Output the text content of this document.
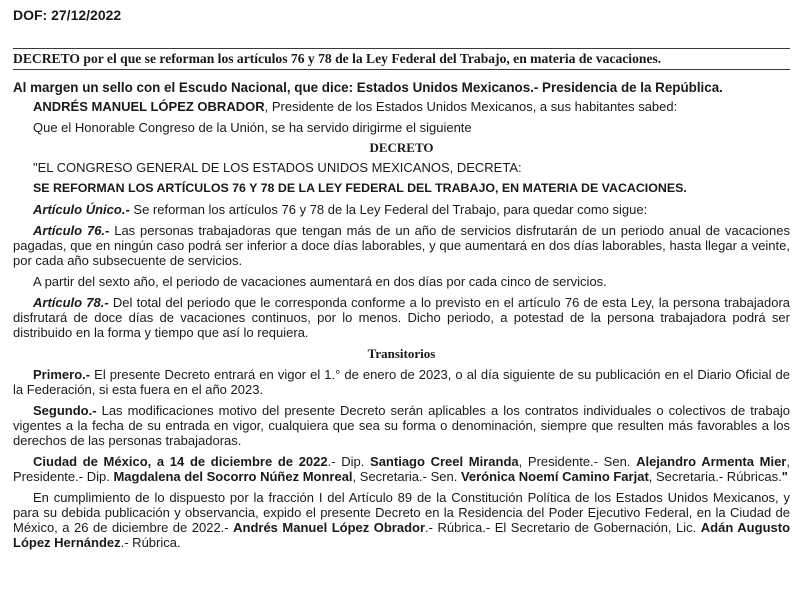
DOF: 27/12/2022
DECRETO por el que se reforman los artículos 76 y 78 de la Ley Federal del Trabajo, en materia de vacaciones.

Al margen un sello con el Escudo Nacional, que dice: Estados Unidos Mexicanos.- Presidencia de la República.

ANDRÉS MANUEL LÓPEZ OBRADOR, Presidente de los Estados Unidos Mexicanos, a sus habitantes sabed:

Que el Honorable Congreso de la Unión, se ha servido dirigirme el siguiente

DECRETO

"EL CONGRESO GENERAL DE LOS ESTADOS UNIDOS MEXICANOS, DECRETA:

SE REFORMAN LOS ARTÍCULOS 76 Y 78 DE LA LEY FEDERAL DEL TRABAJO, EN MATERIA DE VACACIONES.

Artículo Único.- Se reforman los artículos 76 y 78 de la Ley Federal del Trabajo, para quedar como sigue:

Artículo 76.- Las personas trabajadoras que tengan más de un año de servicios disfrutarán de un periodo anual de vacaciones pagadas, que en ningún caso podrá ser inferior a doce días laborables, y que aumentará en dos días laborables, hasta llegar a veinte, por cada año subsecuente de servicios.

A partir del sexto año, el periodo de vacaciones aumentará en dos días por cada cinco de servicios.

Artículo 78.- Del total del periodo que le corresponda conforme a lo previsto en el artículo 76 de esta Ley, la persona trabajadora disfrutará de doce días de vacaciones continuos, por lo menos. Dicho periodo, a potestad de la persona trabajadora podrá ser distribuido en la forma y tiempo que así lo requiera.

Transitorios

Primero.- El presente Decreto entrará en vigor el 1.° de enero de 2023, o al día siguiente de su publicación en el Diario Oficial de la Federación, si esta fuera en el año 2023.

Segundo.- Las modificaciones motivo del presente Decreto serán aplicables a los contratos individuales o colectivos de trabajo vigentes a la fecha de su entrada en vigor, cualquiera que sea su forma o denominación, siempre que resulten más favorables a los derechos de las personas trabajadoras.

Ciudad de México, a 14 de diciembre de 2022.- Dip. Santiago Creel Miranda, Presidente.- Sen. Alejandro Armenta Mier, Presidente.- Dip. Magdalena del Socorro Núñez Monreal, Secretaria.- Sen. Verónica Noemí Camino Farjat, Secretaria.- Rúbricas."

En cumplimiento de lo dispuesto por la fracción I del Artículo 89 de la Constitución Política de los Estados Unidos Mexicanos, y para su debida publicación y observancia, expido el presente Decreto en la Residencia del Poder Ejecutivo Federal, en la Ciudad de México, a 26 de diciembre de 2022.- Andrés Manuel López Obrador.- Rúbrica.- El Secretario de Gobernación, Lic. Adán Augusto López Hernández.- Rúbrica.
